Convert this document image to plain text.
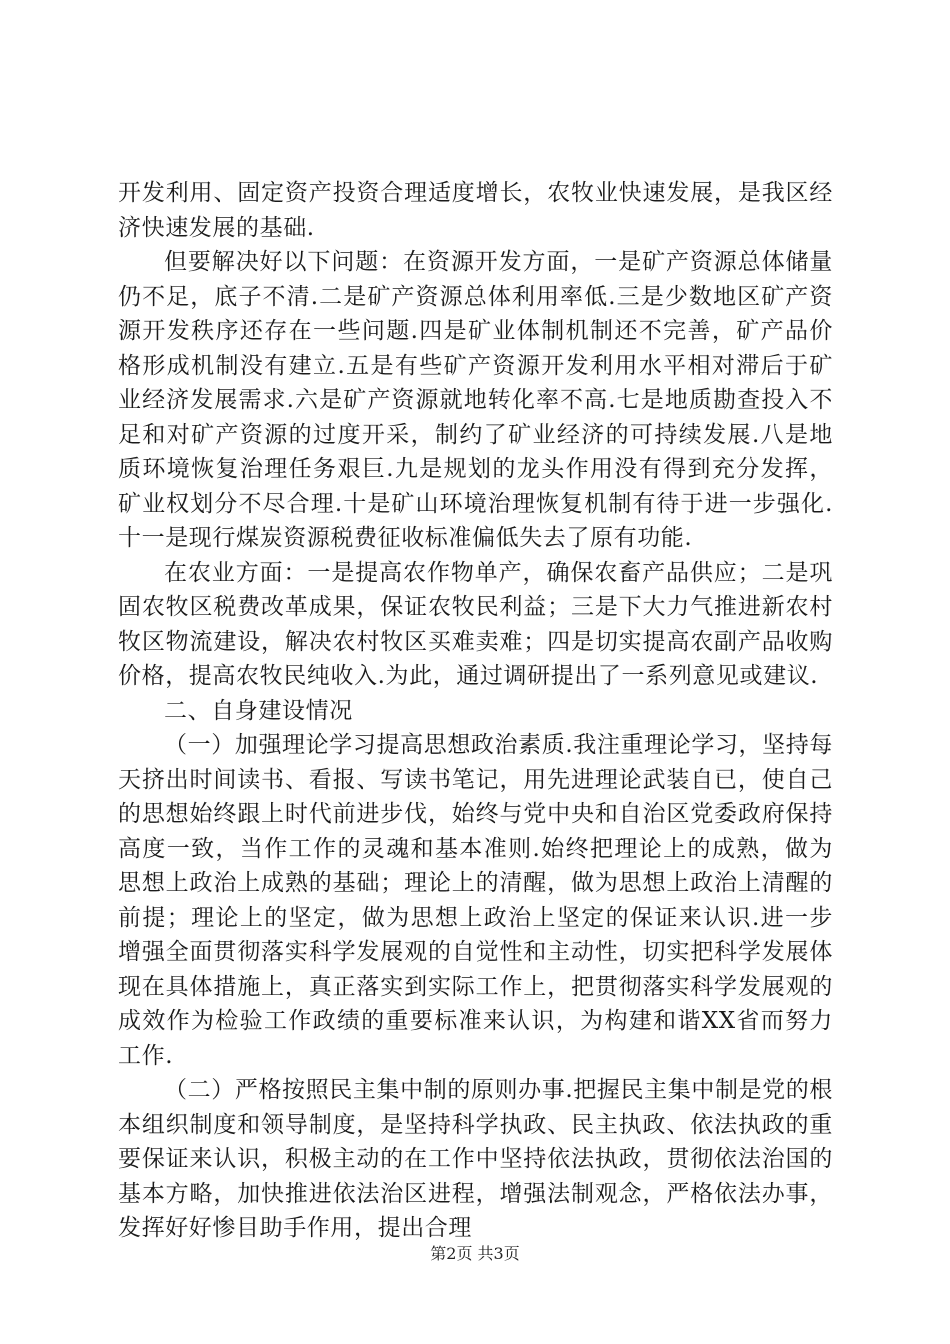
开发利用、固定资产投资合理适度增长，农牧业快速发展，是我区经济快速发展的基础.

但要解决好以下问题：在资源开发方面，一是矿产资源总体储量仍不足，底子不清.二是矿产资源总体利用率低.三是少数地区矿产资源开发秩序还存在一些问题.四是矿业体制机制还不完善，矿产品价格形成机制没有建立.五是有些矿产资源开发利用水平相对滞后于矿业经济发展需求.六是矿产资源就地转化率不高.七是地质勘查投入不足和对矿产资源的过度开采，制约了矿业经济的可持续发展.八是地质环境恢复治理任务艰巨.九是规划的龙头作用没有得到充分发挥，矿业权划分不尽合理.十是矿山环境治理恢复机制有待于进一步强化.十一是现行煤炭资源税费征收标准偏低失去了原有功能.

在农业方面：一是提高农作物单产，确保农畜产品供应；二是巩固农牧区税费改革成果，保证农牧民利益；三是下大力气推进新农村牧区物流建设，解决农村牧区买难卖难；四是切实提高农副产品收购价格，提高农牧民纯收入.为此，通过调研提出了一系列意见或建议.

二、自身建设情况

（一）加强理论学习提高思想政治素质.我注重理论学习，坚持每天挤出时间读书、看报、写读书笔记，用先进理论武装自已，使自己的思想始终跟上时代前进步伐，始终与党中央和自治区党委政府保持高度一致，当作工作的灵魂和基本准则.始终把理论上的成熟，做为思想上政治上成熟的基础；理论上的清醒，做为思想上政治上清醒的前提；理论上的坚定，做为思想上政治上坚定的保证来认识.进一步增强全面贯彻落实科学发展观的自觉性和主动性，切实把科学发展体现在具体措施上，真正落实到实际工作上，把贯彻落实科学发展观的成效作为检验工作政绩的重要标准来认识，为构建和谐XX省而努力工作.

（二）严格按照民主集中制的原则办事.把握民主集中制是党的根本组织制度和领导制度，是坚持科学执政、民主执政、依法执政的重要保证来认识，积极主动的在工作中坚持依法执政，贯彻依法治国的基本方略，加快推进依法治区进程，增强法制观念，严格依法办事，发挥好好惨目助手作用，提出合理

第2页 共3页
